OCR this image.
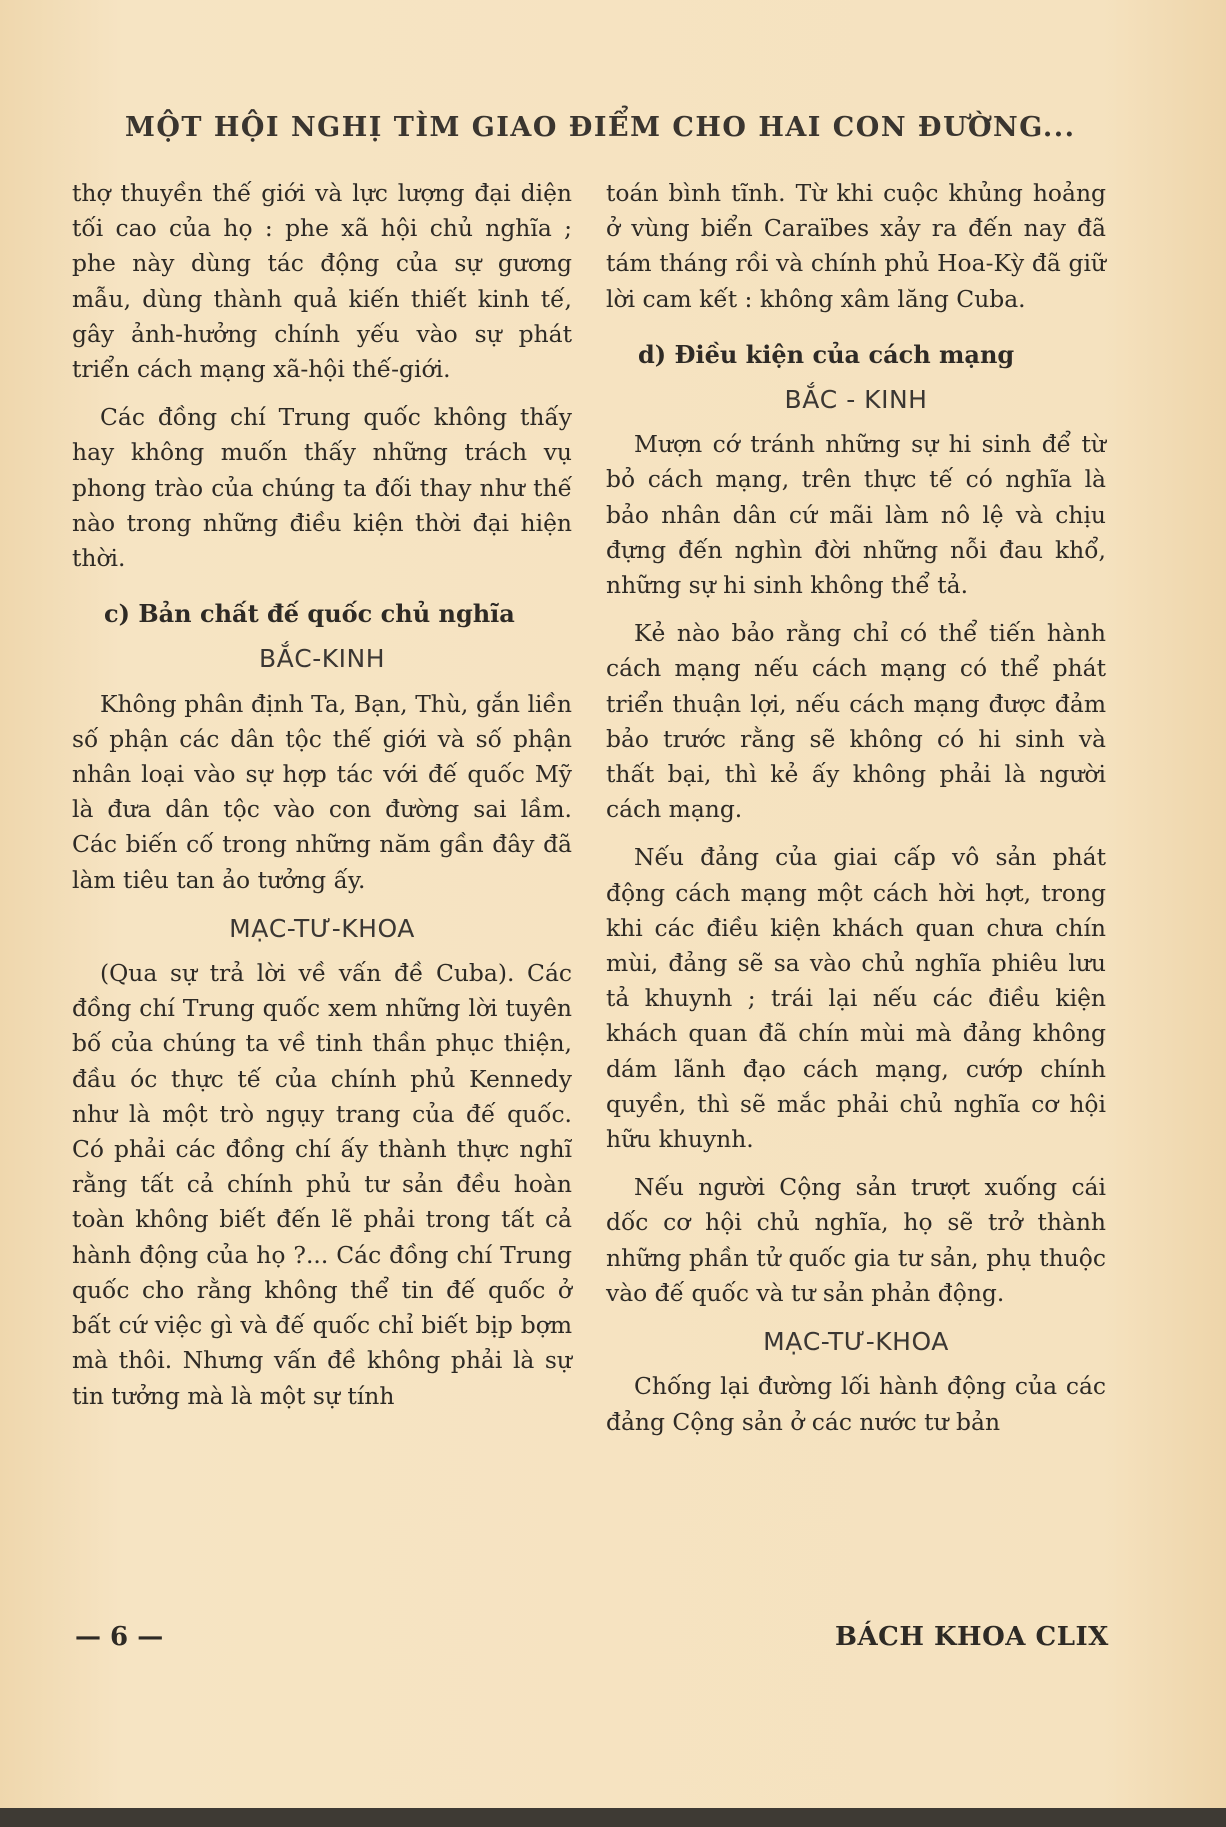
MỘT HỘI NGHỊ TÌM GIAO ĐIỂM CHO HAI CON ĐƯỜNG...

thợ thuyền thế giới và lực lượng đại diện tối cao của họ : phe xã hội chủ nghĩa ; phe này dùng tác động của sự gương mẫu, dùng thành quả kiến thiết kinh tế, gây ảnh-hưởng chính yếu vào sự phát triển cách mạng xã-hội thế-giới.

Các đồng chí Trung quốc không thấy hay không muốn thấy những trách vụ phong trào của chúng ta đối thay như thế nào trong những điều kiện thời đại hiện thời.

c) Bản chất đế quốc chủ nghĩa
BẮC-KINH

Không phân định Ta, Bạn, Thù, gắn liền số phận các dân tộc thế giới và số phận nhân loại vào sự hợp tác với đế quốc Mỹ là đưa dân tộc vào con đường sai lầm. Các biến cố trong những năm gần đây đã làm tiêu tan ảo tưởng ấy.

MẠC-TƯ-KHOA

(Qua sự trả lời về vấn đề Cuba). Các đồng chí Trung quốc xem những lời tuyên bố của chúng ta về tinh thần phục thiện, đầu óc thực tế của chính phủ Kennedy như là một trò ngụy trang của đế quốc. Có phải các đồng chí ấy thành thực nghĩ rằng tất cả chính phủ tư sản đều hoàn toàn không biết đến lẽ phải trong tất cả hành động của họ ?... Các đồng chí Trung quốc cho rằng không thể tin đế quốc ở bất cứ việc gì và đế quốc chỉ biết bịp bợm mà thôi. Nhưng vấn đề không phải là sự tin tưởng mà là một sự tính

toán bình tĩnh. Từ khi cuộc khủng hoảng ở vùng biển Caraïbes xảy ra đến nay đã tám tháng rồi và chính phủ Hoa-Kỳ đã giữ lời cam kết : không xâm lăng Cuba.

d) Điều kiện của cách mạng
BẮC - KINH

Mượn cớ tránh những sự hi sinh để từ bỏ cách mạng, trên thực tế có nghĩa là bảo nhân dân cứ mãi làm nô lệ và chịu đựng đến nghìn đời những nỗi đau khổ, những sự hi sinh không thể tả.

Kẻ nào bảo rằng chỉ có thể tiến hành cách mạng nếu cách mạng có thể phát triển thuận lợi, nếu cách mạng được đảm bảo trước rằng sẽ không có hi sinh và thất bại, thì kẻ ấy không phải là người cách mạng.

Nếu đảng của giai cấp vô sản phát động cách mạng một cách hời hợt, trong khi các điều kiện khách quan chưa chín mùi, đảng sẽ sa vào chủ nghĩa phiêu lưu tả khuynh ; trái lại nếu các điều kiện khách quan đã chín mùi mà đảng không dám lãnh đạo cách mạng, cướp chính quyền, thì sẽ mắc phải chủ nghĩa cơ hội hữu khuynh.

Nếu người Cộng sản trượt xuống cái dốc cơ hội chủ nghĩa, họ sẽ trở thành những phần tử quốc gia tư sản, phụ thuộc vào đế quốc và tư sản phản động.

MẠC-TƯ-KHOA

Chống lại đường lối hành động của các đảng Cộng sản ở các nước tư bản

— 6 —	BÁCH KHOA CLIX
